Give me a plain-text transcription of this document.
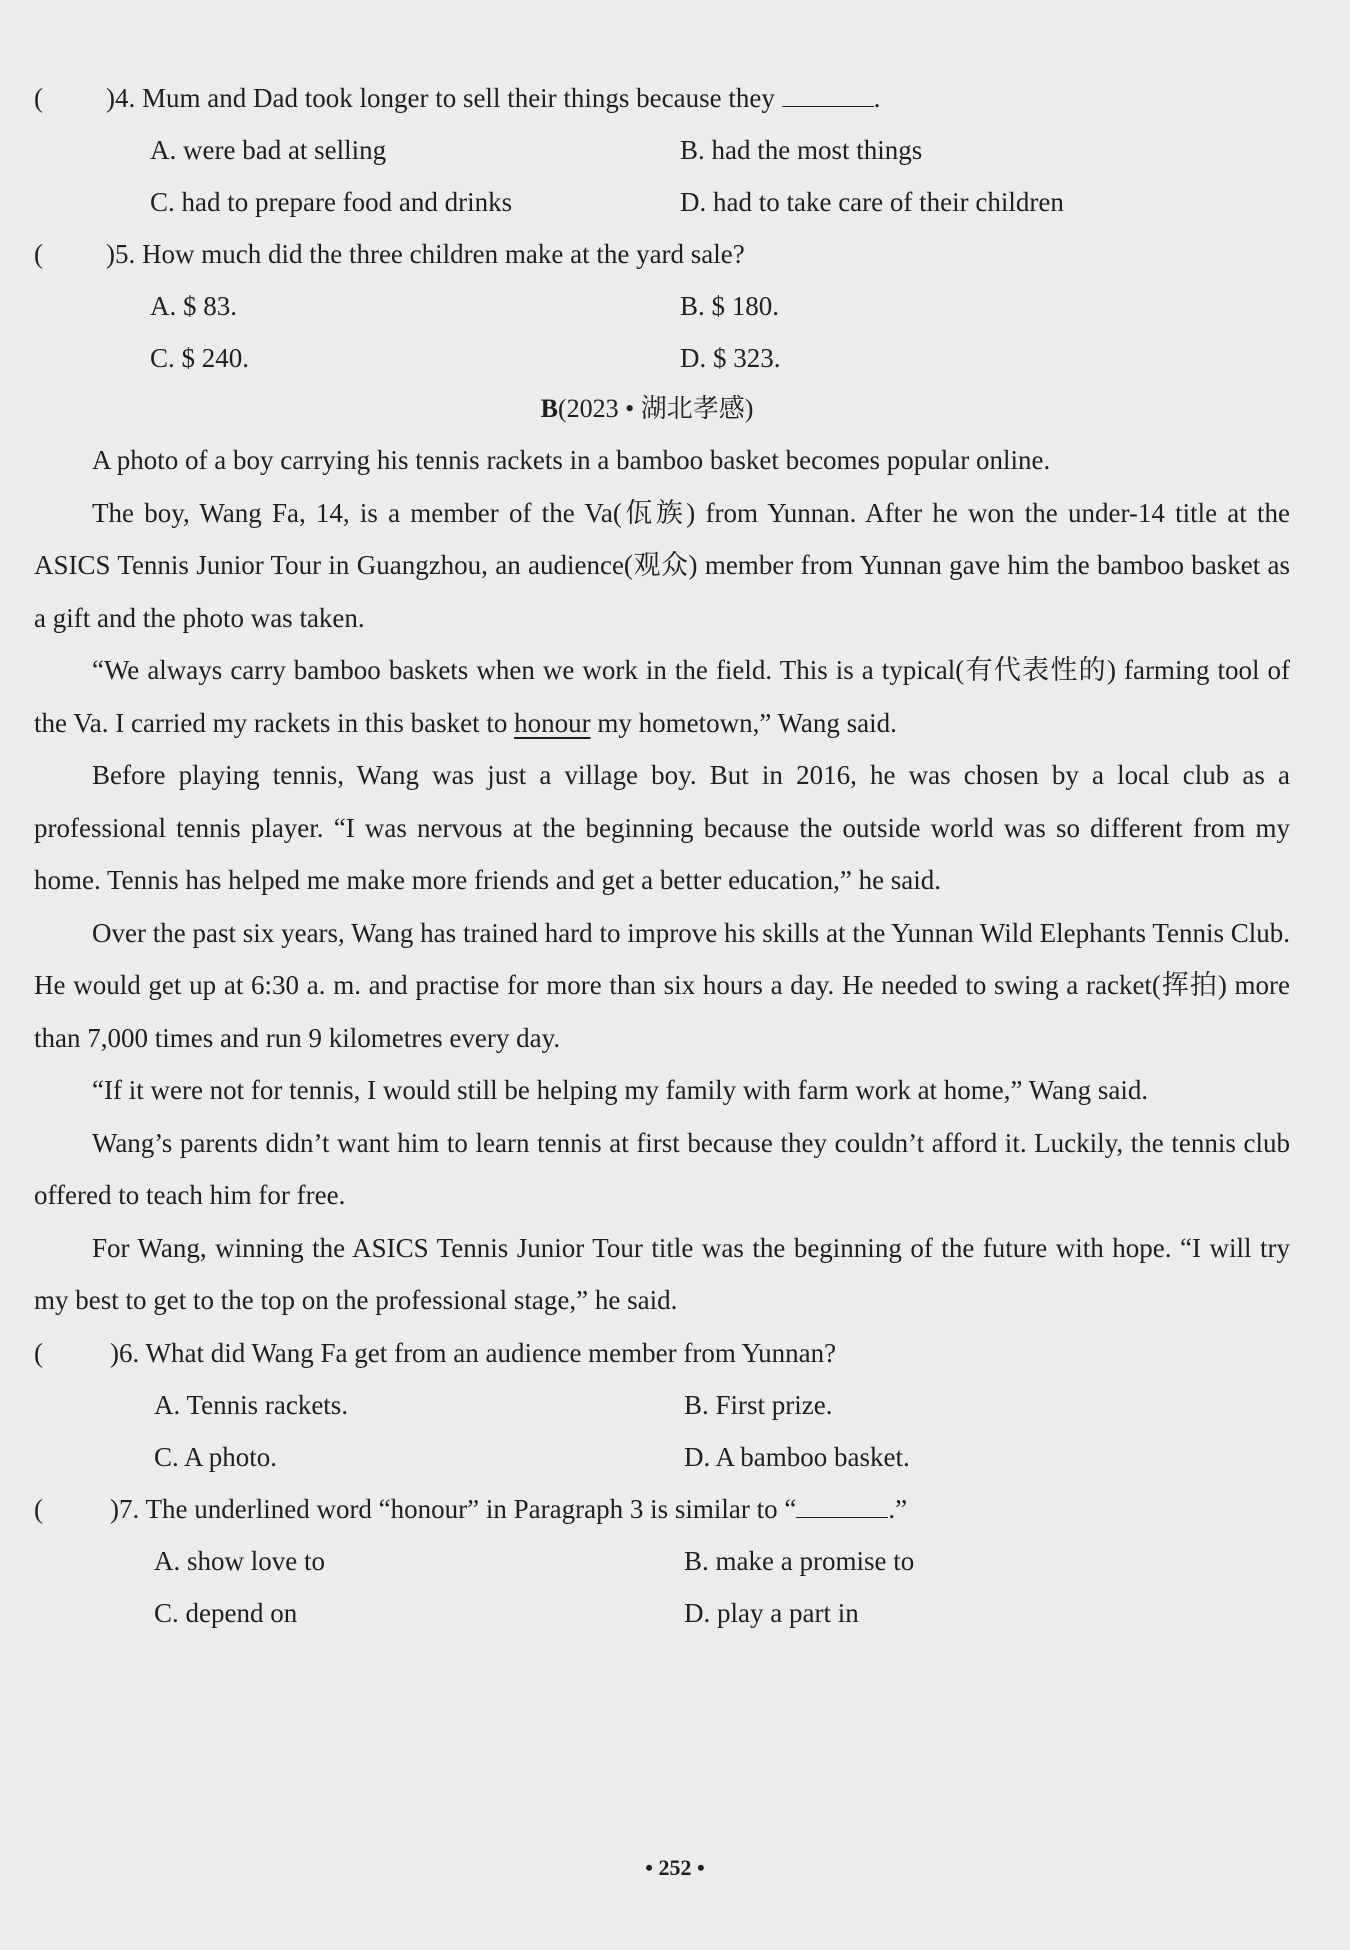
(	)4. Mum and Dad took longer to sell their things because they	.
A. were bad at selling	B. had the most things
C. had to prepare food and drinks	D. had to take care of their children
(	)5. How much did the three children make at the yard sale?
A. $ 83.	B. $ 180.
C. $ 240.	D. $ 323.
B(2023 • 湖北孝感)

A photo of a boy carrying his tennis rackets in a bamboo basket becomes popular online.

The boy, Wang Fa, 14, is a member of the Va(佤族) from Yunnan. After he won the under-14 title at the ASICS Tennis Junior Tour in Guangzhou, an audience(观众) member from Yunnan gave him the bamboo basket as a gift and the photo was taken.

“We always carry bamboo baskets when we work in the field. This is a typical(有代表性的) farming tool of the Va. I carried my rackets in this basket to honour my hometown,” Wang said.

Before playing tennis, Wang was just a village boy. But in 2016, he was chosen by a local club as a professional tennis player. “I was nervous at the beginning because the outside world was so different from my home. Tennis has helped me make more friends and get a better education,” he said.

Over the past six years, Wang has trained hard to improve his skills at the Yunnan Wild Elephants Tennis Club. He would get up at 6:30 a. m. and practise for more than six hours a day. He needed to swing a racket(挥拍) more than 7,000 times and run 9 kilometres every day.

“If it were not for tennis, I would still be helping my family with farm work at home,” Wang said.

Wang’s parents didn’t want him to learn tennis at first because they couldn’t afford it. Luckily, the tennis club offered to teach him for free.

For Wang, winning the ASICS Tennis Junior Tour title was the beginning of the future with hope. “I will try my best to get to the top on the professional stage,” he said.

(	)6. What did Wang Fa get from an audience member from Yunnan?
A. Tennis rackets.	B. First prize.
C. A photo.	D. A bamboo basket.
(	)7. The underlined word “honour” in Paragraph 3 is similar to “	.”
A. show love to	B. make a promise to
C. depend on	D. play a part in
• 252 •
